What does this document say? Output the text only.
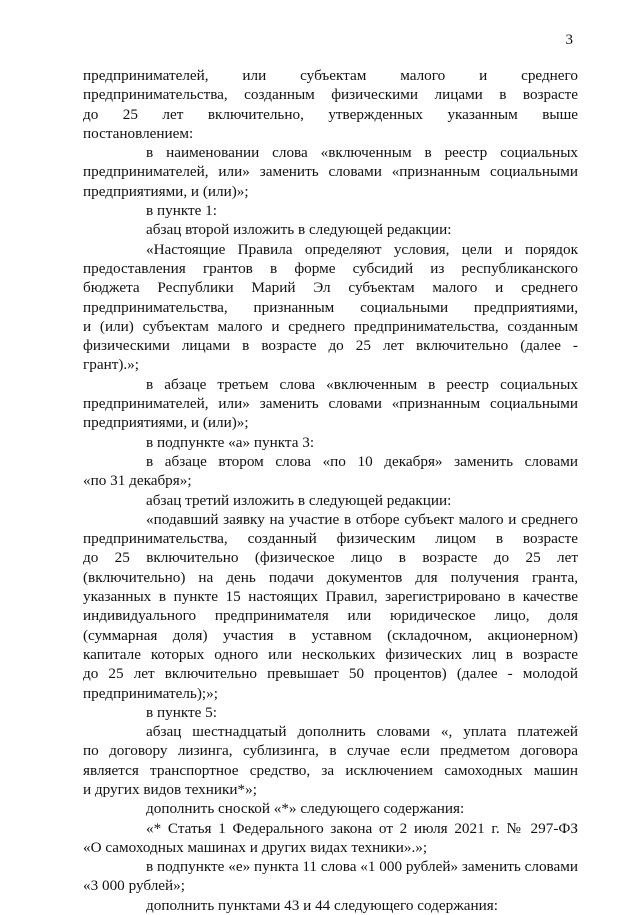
3
предпринимателей, или субъектам малого и среднего
предпринимательства, созданным физическими лицами в возрасте
до 25 лет включительно, утвержденных указанным выше
постановлением:
в наименовании слова «включенным в реестр социальных
предпринимателей, или» заменить словами «признанным социальными
предприятиями, и (или)»;
в пункте 1:
абзац второй изложить в следующей редакции:
«Настоящие Правила определяют условия, цели и порядок
предоставления грантов в форме субсидий из республиканского
бюджета Республики Марий Эл субъектам малого и среднего
предпринимательства, признанным социальными предприятиями,
и (или) субъектам малого и среднего предпринимательства, созданным
физическими лицами в возрасте до 25 лет включительно (далее -
грант).»;
в абзаце третьем слова «включенным в реестр социальных
предпринимателей, или» заменить словами «признанным социальными
предприятиями, и (или)»;
в подпункте «а» пункта 3:
в абзаце втором слова «по 10 декабря» заменить словами
«по 31 декабря»;
абзац третий изложить в следующей редакции:
«подавший заявку на участие в отборе субъект малого и среднего
предпринимательства, созданный физическим лицом в возрасте
до 25 включительно (физическое лицо в возрасте до 25 лет
(включительно) на день подачи документов для получения гранта,
указанных в пункте 15 настоящих Правил, зарегистрировано в качестве
индивидуального предпринимателя или юридическое лицо, доля
(суммарная доля) участия в уставном (складочном, акционерном)
капитале которых одного или нескольких физических лиц в возрасте
до 25 лет включительно превышает 50 процентов) (далее - молодой
предприниматель);»;
в пункте 5:
абзац шестнадцатый дополнить словами «, уплата платежей
по договору лизинга, сублизинга, в случае если предметом договора
является транспортное средство, за исключением самоходных машин
и других видов техники*»;
дополнить сноской «*» следующего содержания:
«* Статья 1 Федерального закона от 2 июля 2021 г. № 297-ФЗ
«О самоходных машинах и других видах техники».»;
в подпункте «е» пункта 11 слова «1 000 рублей» заменить словами
«3 000 рублей»;
дополнить пунктами 43 и 44 следующего содержания:
